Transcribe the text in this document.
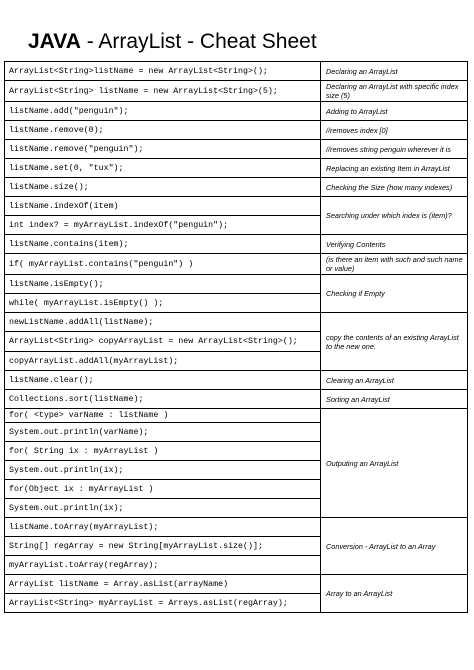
JAVA - ArrayList - Cheat Sheet
ArrayList<String>listName = new ArrayList<String>();	Declaring an ArrayList
ArrayList<String> listName = new ArrayList<String>(5);	Declaring an ArrayList with specific index size (5)
listName.add("penguin");	Adding to ArrayList
listName.remove(0);	//removes index [0]
listName.remove("penguin");	//removes string penguin wherever it is
listName.set(0, "tux");	Replacing an existing Item in ArrayList
listName.size();	Checking the Size (how many indexes)
listName.indexOf(item)	Searching under which index is (item)?
int index? = myArrayList.indexOf("penguin");	
listName.contains(item);	Verifying Contents
if( myArrayList.contains("penguin") )	(is there an item with such and such name or value)
listName.isEmpty();	Checking if Empty
while( myArrayList.isEmpty() );	
newListName.addAll(listName);	copy the contents of an existing ArrayList to the new one.
ArrayList<String> copyArrayList = new ArrayList<String>();	
copyArrayList.addAll(myArrayList);	
listName.clear();	Clearing an ArrayList
Collections.sort(listName);	Sorting an ArrayList
for( <type> varName : listName )	Outputing an ArrayList
System.out.println(varName);	
for( String ix : myArrayList )	
System.out.println(ix);	
for(Object ix : myArrayList )	
System.out.println(ix);	
listName.toArray(myArrayList);	Conversion - ArrayList to an Array
String[] regArray = new String[myArrayList.size()];	
myArrayList.toArray(regArray);	
ArrayList listName = Array.asList(arrayName)	Array to an ArrayList
ArrayList<String> myArrayList = Arrays.asList(regArray);	
